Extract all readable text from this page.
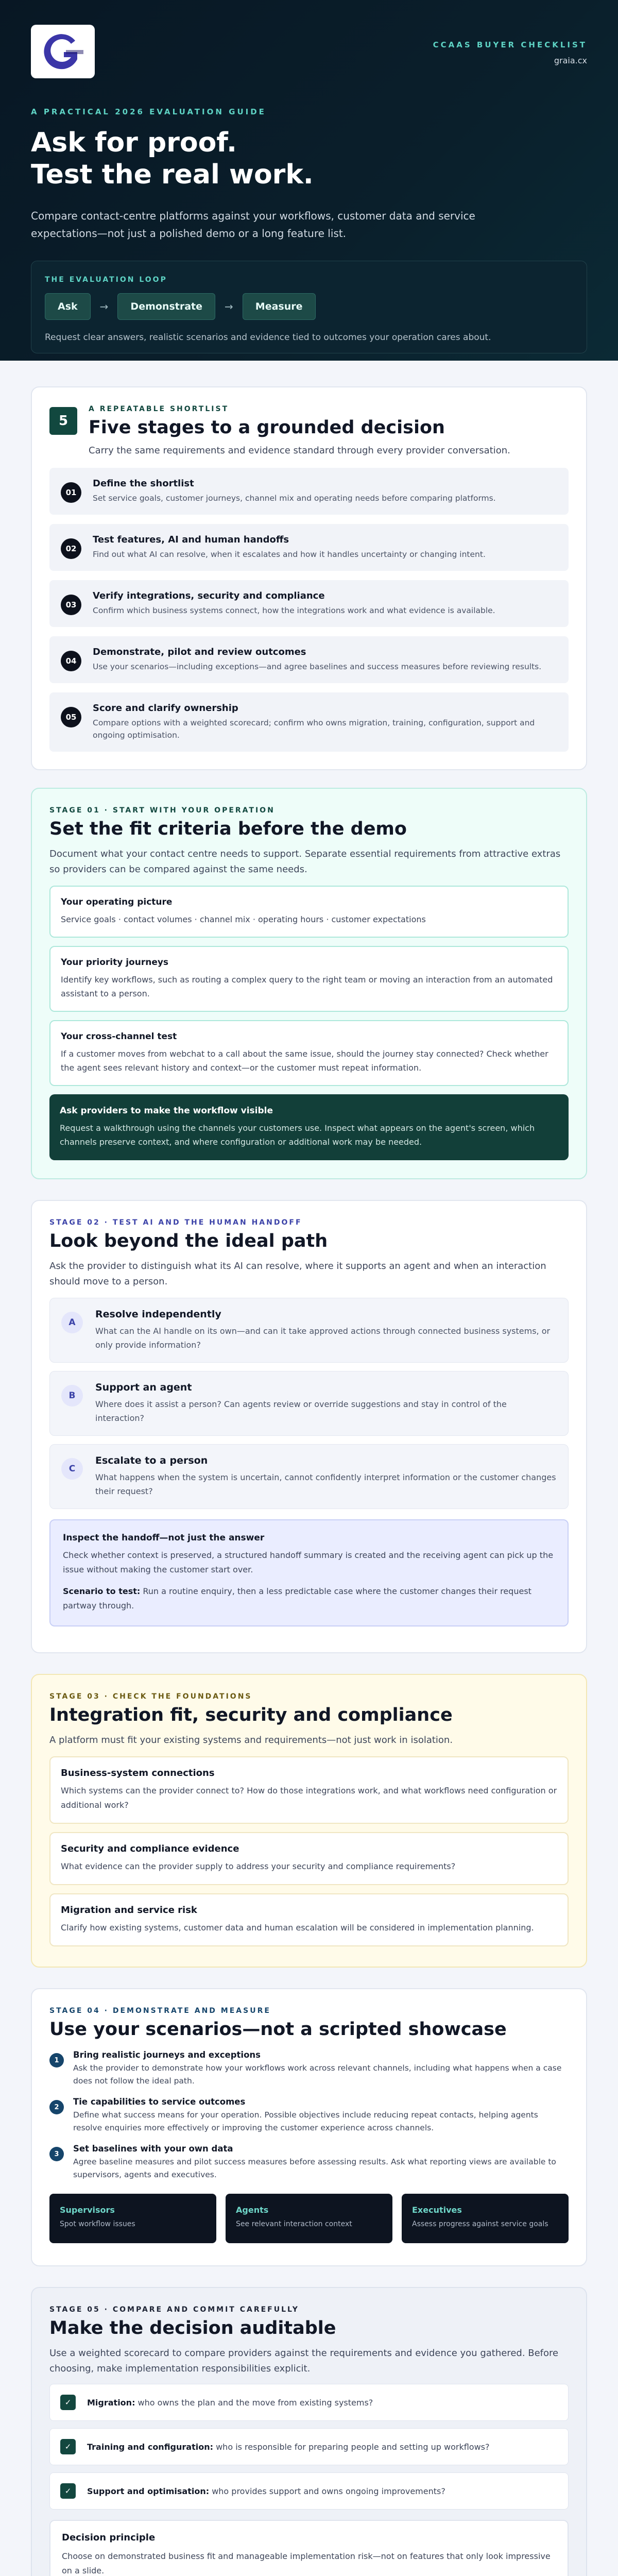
CCAAS BUYER CHECKLIST
graia.cx
A PRACTICAL 2026 EVALUATION GUIDE
Ask for proof.
Test the real work.

Compare contact-centre platforms against your workflows, customer data and service expectations—not just a polished demo or a long feature list.

THE EVALUATION LOOP
Ask	→	Demonstrate	→	Measure
Request clear answers, realistic scenarios and evidence tied to outcomes your operation cares about.
5
A REPEATABLE SHORTLIST
Five stages to a grounded decision

Carry the same requirements and evidence standard through every provider conversation.

01
Define the shortlist
Set service goals, customer journeys, channel mix and operating needs before comparing platforms.
02
Test features, AI and human handoffs
Find out what AI can resolve, when it escalates and how it handles uncertainty or changing intent.
03
Verify integrations, security and compliance
Confirm which business systems connect, how the integrations work and what evidence is available.
04
Demonstrate, pilot and review outcomes
Use your scenarios—including exceptions—and agree baselines and success measures before reviewing results.
05
Score and clarify ownership
Compare options with a weighted scorecard; confirm who owns migration, training, configuration, support and ongoing optimisation.
STAGE 01 · START WITH YOUR OPERATION
Set the fit criteria before the demo

Document what your contact centre needs to support. Separate essential requirements from attractive extras so providers can be compared against the same needs.

Your operating picture
Service goals · contact volumes · channel mix · operating hours · customer expectations
Your priority journeys
Identify key workflows, such as routing a complex query to the right team or moving an interaction from an automated assistant to a person.
Your cross-channel test
If a customer moves from webchat to a call about the same issue, should the journey stay connected? Check whether the agent sees relevant history and context—or the customer must repeat information.
Ask providers to make the workflow visible
Request a walkthrough using the channels your customers use. Inspect what appears on the agent's screen, which channels preserve context, and where configuration or additional work may be needed.
STAGE 02 · TEST AI AND THE HUMAN HANDOFF
Look beyond the ideal path

Ask the provider to distinguish what its AI can resolve, where it supports an agent and when an interaction should move to a person.

A
Resolve independently
What can the AI handle on its own—and can it take approved actions through connected business systems, or only provide information?
B
Support an agent
Where does it assist a person? Can agents review or override suggestions and stay in control of the interaction?
C
Escalate to a person
What happens when the system is uncertain, cannot confidently interpret information or the customer changes their request?
Inspect the handoff—not just the answer
Check whether context is preserved, a structured handoff summary is created and the receiving agent can pick up the issue without making the customer start over.
Scenario to test: Run a routine enquiry, then a less predictable case where the customer changes their request partway through.
STAGE 03 · CHECK THE FOUNDATIONS
Integration fit, security and compliance

A platform must fit your existing systems and requirements—not just work in isolation.

Business-system connections
Which systems can the provider connect to? How do those integrations work, and what workflows need configuration or additional work?
Security and compliance evidence
What evidence can the provider supply to address your security and compliance requirements?
Migration and service risk
Clarify how existing systems, customer data and human escalation will be considered in implementation planning.
STAGE 04 · DEMONSTRATE AND MEASURE
Use your scenarios—not a scripted showcase
1
Bring realistic journeys and exceptions
Ask the provider to demonstrate how your workflows work across relevant channels, including what happens when a case does not follow the ideal path.
2
Tie capabilities to service outcomes
Define what success means for your operation. Possible objectives include reducing repeat contacts, helping agents resolve enquiries more effectively or improving the customer experience across channels.
3
Set baselines with your own data
Agree baseline measures and pilot success measures before assessing results. Ask what reporting views are available to supervisors, agents and executives.
Supervisors
Spot workflow issues
Agents
See relevant interaction context
Executives
Assess progress against service goals
STAGE 05 · COMPARE AND COMMIT CAREFULLY
Make the decision auditable

Use a weighted scorecard to compare providers against the requirements and evidence you gathered. Before choosing, make implementation responsibilities explicit.

✓	Migration: who owns the plan and the move from existing systems?
✓	Training and configuration: who is responsible for preparing people and setting up workflows?
✓	Support and optimisation: who provides support and owns ongoing improvements?
Decision principle
Choose on demonstrated business fit and manageable implementation risk—not on features that only look impressive on a slide.
